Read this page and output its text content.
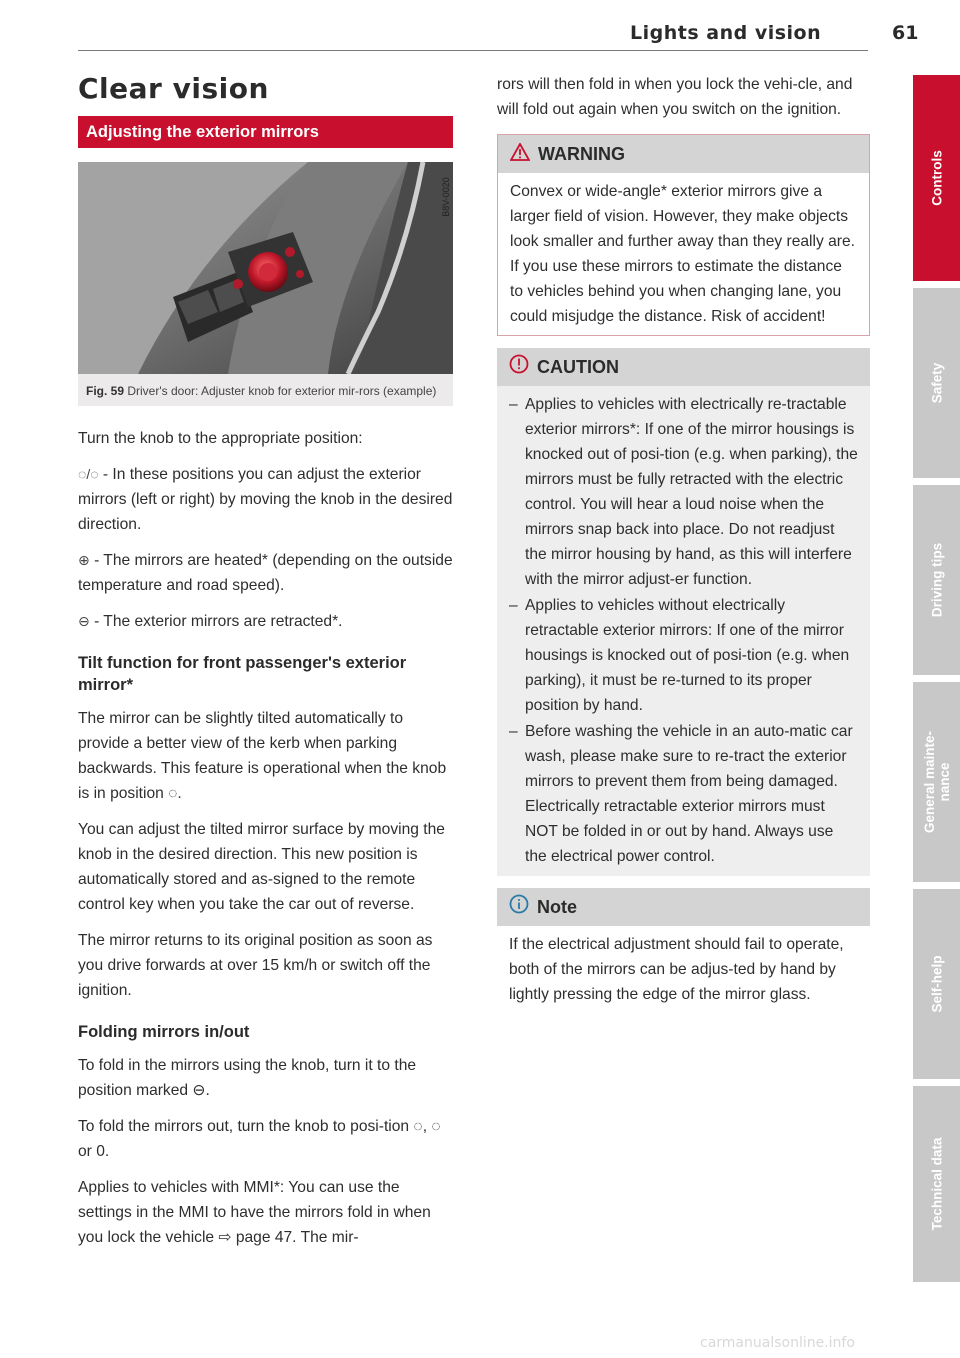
Lights and vision	61
Clear vision
Adjusting the exterior mirrors
B8V-0020
Fig. 59 Driver's door: Adjuster knob for exterior mir-rors (example)

Turn the knob to the appropriate position:

◌/◌ - In these positions you can adjust the exterior mirrors (left or right) by moving the knob in the desired direction.

⊕ - The mirrors are heated* (depending on the outside temperature and road speed).

⊖ - The exterior mirrors are retracted*.

Tilt function for front passenger's exterior mirror*

The mirror can be slightly tilted automatically to provide a better view of the kerb when parking backwards. This feature is operational when the knob is in position ◌.

You can adjust the tilted mirror surface by moving the knob in the desired direction. This new position is automatically stored and as-signed to the remote control key when you take the car out of reverse.

The mirror returns to its original position as soon as you drive forwards at over 15 km/h or switch off the ignition.

Folding mirrors in/out

To fold in the mirrors using the knob, turn it to the position marked ⊖.

To fold the mirrors out, turn the knob to posi-tion ◌, ◌ or 0.

Applies to vehicles with MMI*: You can use the settings in the MMI to have the mirrors fold in when you lock the vehicle ⇨ page 47. The mir-

rors will then fold in when you lock the vehi-cle, and will fold out again when you switch on the ignition.

WARNING

Convex or wide-angle* exterior mirrors give a larger field of vision. However, they make objects look smaller and further away than they really are. If you use these mirrors to estimate the distance to vehicles behind you when changing lane, you could misjudge the distance. Risk of accident!

CAUTION
– Applies to vehicles with electrically re-tractable exterior mirrors*: If one of the mirror housings is knocked out of posi-tion (e.g. when parking), the mirrors must be fully retracted with the electric control. You will hear a loud noise when the mirrors snap back into place. Do not readjust the mirror housing by hand, as this will interfere with the mirror adjust-er function.
– Applies to vehicles without electrically retractable exterior mirrors: If one of the mirror housings is knocked out of posi-tion (e.g. when parking), it must be re-turned to its proper position by hand.
– Before washing the vehicle in an auto-matic car wash, please make sure to re-tract the exterior mirrors to prevent them from being damaged. Electrically retractable exterior mirrors must NOT be folded in or out by hand. Always use the electrical power control.
Note

If the electrical adjustment should fail to operate, both of the mirrors can be adjus-ted by hand by lightly pressing the edge of the mirror glass.

Controls
Safety
Driving tips
General mainte-nance
Self-help
Technical data
carmanualsonline.info
